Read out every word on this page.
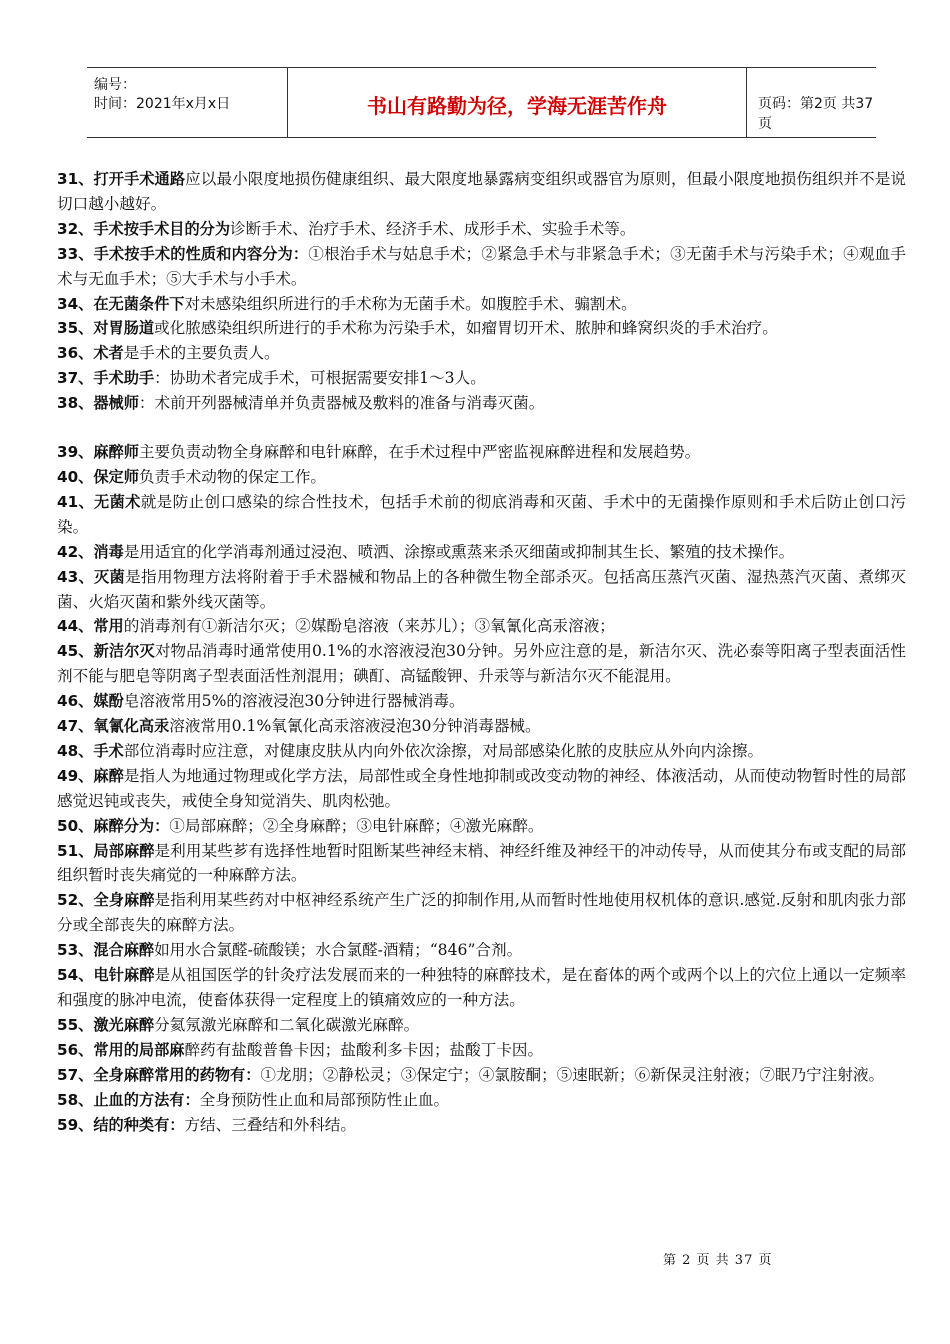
编号：
时间：2021年x月x日	书山有路勤为径，学海无涯苦作舟	页码：第2页 共37页

31、打开手术通路应以最小限度地损伤健康组织、最大限度地暴露病变组织或器官为原则，但最小限度地损伤组织并不是说切口越小越好。

32、手术按手术目的分为诊断手术、治疗手术、经济手术、成形手术、实验手术等。

33、手术按手术的性质和内容分为：①根治手术与姑息手术；②紧急手术与非紧急手术；③无菌手术与污染手术；④观血手术与无血手术；⑤大手术与小手术。

34、在无菌条件下对未感染组织所进行的手术称为无菌手术。如腹腔手术、骟割术。

35、对胃肠道或化脓感染组织所进行的手术称为污染手术，如瘤胃切开术、脓肿和蜂窝织炎的手术治疗。

36、术者是手术的主要负责人。

37、手术助手：协助术者完成手术，可根据需要安排1～3人。

38、器械师：术前开列器械清单并负责器械及敷料的准备与消毒灭菌。

39、麻醉师主要负责动物全身麻醉和电针麻醉，在手术过程中严密监视麻醉进程和发展趋势。

40、保定师负责手术动物的保定工作。

41、无菌术就是防止创口感染的综合性技术，包括手术前的彻底消毒和灭菌、手术中的无菌操作原则和手术后防止创口污染。

42、消毒是用适宜的化学消毒剂通过浸泡、喷洒、涂擦或熏蒸来杀灭细菌或抑制其生长、繁殖的技术操作。

43、灭菌是指用物理方法将附着于手术器械和物品上的各种微生物全部杀灭。包括高压蒸汽灭菌、湿热蒸汽灭菌、煮绑灭菌、火焰灭菌和紫外线灭菌等。

44、常用的消毒剂有①新洁尔灭；②媒酚皂溶液（来苏儿）；③氧氰化高汞溶液；

45、新洁尔灭对物品消毒时通常使用0.1%的水溶液浸泡30分钟。另外应注意的是，新洁尔灭、洗必泰等阳离子型表面活性剂不能与肥皂等阴离子型表面活性剂混用；碘酊、高锰酸钾、升汞等与新洁尔灭不能混用。

46、媒酚皂溶液常用5%的溶液浸泡30分钟进行器械消毒。

47、氧氰化高汞溶液常用0.1%氧氰化高汞溶液浸泡30分钟消毒器械。

48、手术部位消毒时应注意，对健康皮肤从内向外依次涂擦，对局部感染化脓的皮肤应从外向内涂擦。

49、麻醉是指人为地通过物理或化学方法，局部性或全身性地抑制或改变动物的神经、体液活动，从而使动物暂时性的局部感觉迟钝或丧失，戒使全身知觉消失、肌肉松弛。

50、麻醉分为：①局部麻醉；②全身麻醉；③电针麻醉；④激光麻醉。

51、局部麻醉是利用某些芗有选择性地暂时阻断某些神经末梢、神经纤维及神经干的冲动传导，从而使其分布或支配的局部组织暂时丧失痛觉的一种麻醉方法。

52、全身麻醉是指利用某些药对中枢神经系统产生广泛的抑制作用,从而暂时性地使用权机体的意识.感觉.反射和肌肉张力部分或全部丧失的麻醉方法。

53、混合麻醉如用水合氯醛-硫酸镁；水合氯醛-酒精；“846”合剂。

54、电针麻醉是从祖国医学的针灸疗法发展而来的一种独特的麻醉技术，是在畜体的两个或两个以上的穴位上通以一定频率和强度的脉冲电流，使畜体获得一定程度上的镇痛效应的一种方法。

55、激光麻醉分氦氖激光麻醉和二氧化碳激光麻醉。

56、常用的局部麻醉药有盐酸普鲁卡因；盐酸利多卡因；盐酸丁卡因。

57、全身麻醉常用的药物有：①龙朋；②静松灵；③保定宁；④氯胺酮；⑤速眠新；⑥新保灵注射液；⑦眠乃宁注射液。

58、止血的方法有：全身预防性止血和局部预防性止血。

59、结的种类有：方结、三叠结和外科结。

第 2 页 共 37 页
